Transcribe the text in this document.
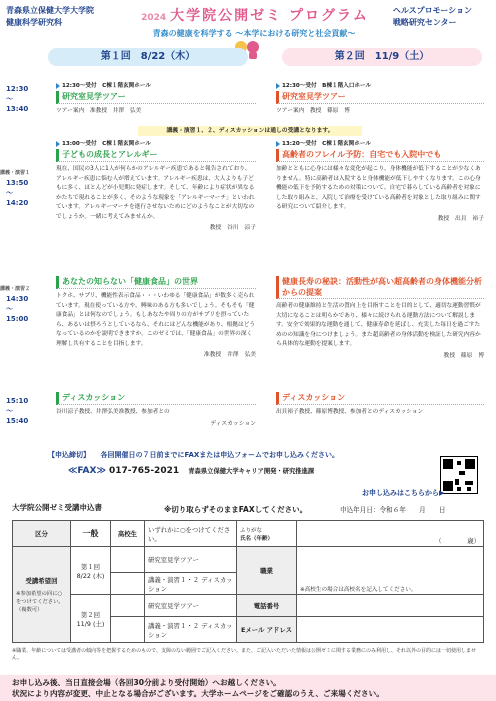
青森県立保健大学大学院
健康科学研究科	2024 大学院公開ゼミ プログラム	ヘルスプロモーション
戦略研究センター
青森の健康を科学する ～本学における研究と社会貢献～
第１回　8/22（木）	第２回　11/9（土）
12:30
～
13:40
講義・演習１
13:50
～
14:20
講義・演習２
14:30
～
15:00
15:10
～
15:40
12:30～受付　C棟１階玄関ホール
研究室見学ツアー
ツアー案内　准教授　井澤　弘美
講義・演習１、２、ディスカッションは通しの受講となります。
13:00～受付　C棟１階玄関ホール
子どもの成長とアレルギー
現在、国民の3人に1人が何らかのアレルギー疾患であると報告されており、アレルギー疾患に悩む人が増えています。アレルギー疾患は、大人よりも子どもに多く、ほとんどが小児期に発症します。そして、年齢により症状が異なるかたちで現れることが多く、そのような現象を「アレルギーマーチ」といわれています。アレルギーマーチを進行させないためにどのようなことが大切なのでしょうか。一緒に考えてみませんか。
教授　谷川　涼子
あなたの知らない「健康食品」の世界
トクホ、サプリ、機能性表示食品・・・いわゆる「健康食品」が数多く売られています。現在使っている方や、興味のある方も多いでしょう。そもそも「健康食品」とは何なのでしょう。もしあなたや周りの方がサプリを摂っていたら、あるいは摂ろうとしているなら、それにはどんな機能があり、根拠はどうなっているのかを説明できますか。このゼミでは、「健康食品」の世界の深く理解し共有することを目指します。
准教授　井澤　弘美
ディスカッション
谷川涼子教授、井澤弘美准教授、参加者との
ディスカッション
12:30～受付　B棟１階入口ホール
研究室見学ツアー
ツアー案内　教授　篠原　博
13:20～受付　C棟１階玄関ホール
高齢者のフレイル予防：自宅でも入院中でも
加齢とともに心身には様々な変化が起こり、身体機能が低下することが少なくありません。特に高齢者は入院すると身体機能が低下しやすくなります。この心身機能の低下を予防するための対策について、自宅で暮らしている高齢者を対象にした取り組みと、入院して治療を受けている高齢者を対象とした取り組みに関する研究について紹介します。
教授　出貝　裕子
健康長寿の秘訣：活動性が高い超高齢者の身体機能分析からの提案
高齢者の健康維持と生活の質向上を目指すことを目的として、適切な運動習慣が大切になることは明らかであり、様々に続けられる運動方法について解説します。安全で効果的な運動を通して、健康寿命を延ばし、充実した毎日を過ごすためのの知識を身につけましょう。また超高齢者の身体活動を検証した研究内容から具体的な運動を提案します。
教授　篠原　博
ディスカッション
出貝裕子教授、篠原博教授、参加者とのディスカッション
【申込締切】　　各回開催日の７日前までにFAXまたは申込フォームでお申し込みください。
≪FAX≫ 017-765-2021 青森県立保健大学キャリア開発・研究推進課
お申し込みはこちらから▶
大学院公開ゼミ受講申込書	※切り取らずそのままFAXしてください。	申込年月日：令和６年　　月　　日
区分	一般	高校生	いずれかに○をつけてください。	ふりがな
氏名（年齢）	（　　　　歳）

受講希望回
※参加希望の回に○をつけてください。（複数可）	第１回 8/22 (木)		研究室見学ツアー	職業	※高校生の場合は高校名を記入してください。
			講義・演習１・２ ディスカッション		
	第２回 11/9 (土)		研究室見学ツアー	電話番号	
			講義・演習１・２ ディスカッション	Eメール アドレス	
※職業、年齢については受講者の傾向等を把握するためのもので、支障のない範囲でご記入ください。また、ご記入いただいた情報は公開ゼミに関する業務にのみ利用し、それ以外の目的には一切使用しません。
お申し込み後、当日直接会場（各回30分前より受付開始）へお越しください。
状況により内容が変更、中止となる場合がございます。大学ホームページをご確認のうえ、ご来場ください。
